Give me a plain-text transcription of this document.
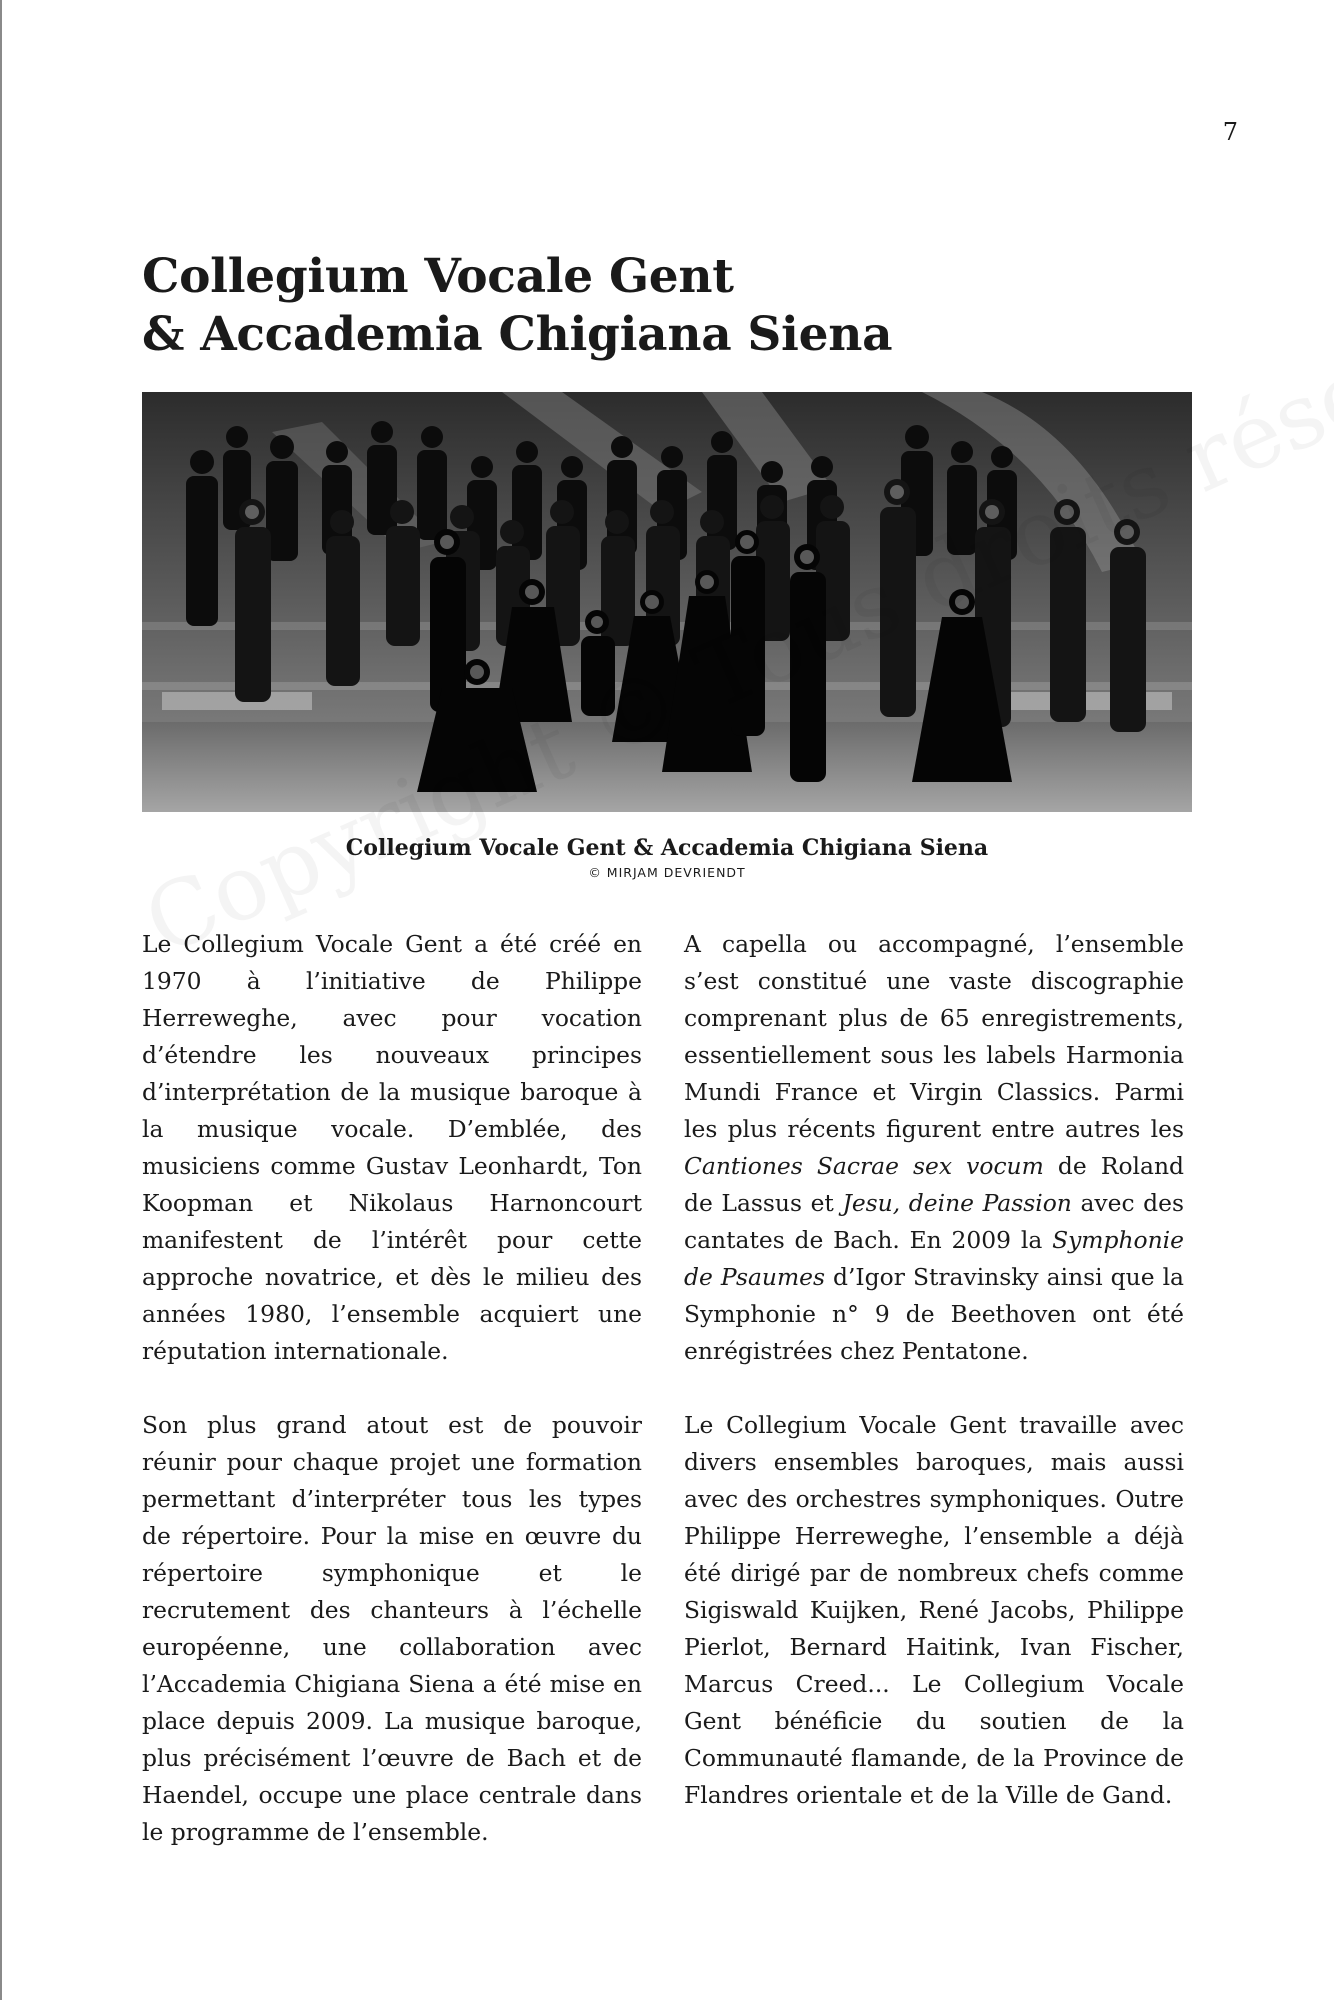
7
Collegium Vocale Gent
& Accademia Chigiana Siena
Collegium Vocale Gent & Accademia Chigiana Siena
© MIRJAM DEVRIENDT

Le Collegium Vocale Gent a été créé en 1970 à l’initiative de Philippe Herreweghe, avec pour vocation d’étendre les nouveaux principes d’interprétation de la musique baroque à la musique vocale. D’emblée, des musiciens comme Gustav Leonhardt, Ton Koopman et Nikolaus Harnoncourt manifestent de l’intérêt pour cette approche novatrice, et dès le milieu des années 1980, l’ensemble acquiert une réputation internationale.

Son plus grand atout est de pouvoir réunir pour chaque projet une formation permettant d’interpréter tous les types de répertoire. Pour la mise en œuvre du répertoire symphonique et le recrutement des chanteurs à l’échelle européenne, une collaboration avec l’Accademia Chigiana Siena a été mise en place depuis 2009. La musique baroque, plus précisément l’œuvre de Bach et de Haendel, occupe une place centrale dans le programme de l’ensemble.

A capella ou accompagné, l’ensemble s’est constitué une vaste discographie comprenant plus de 65 enregistrements, essentiellement sous les labels Harmonia Mundi France et Virgin Classics. Parmi les plus récents figurent entre autres les Cantiones Sacrae sex vocum de Roland de Lassus et Jesu, deine Passion avec des cantates de Bach. En 2009 la Symphonie de Psaumes d’Igor Stravinsky ainsi que la Symphonie n° 9 de Beethoven ont été enrégistrées chez Pentatone.

Le Collegium Vocale Gent travaille avec divers ensembles baroques, mais aussi avec des orchestres symphoniques. Outre Philippe Herreweghe, l’ensemble a déjà été dirigé par de nombreux chefs comme Sigiswald Kuijken, René Jacobs, Philippe Pierlot, Bernard Haitink, Ivan Fischer, Marcus Creed... Le Collegium Vocale Gent bénéficie du soutien de la Communauté flamande, de la Province de Flandres orientale et de la Ville de Gand.
